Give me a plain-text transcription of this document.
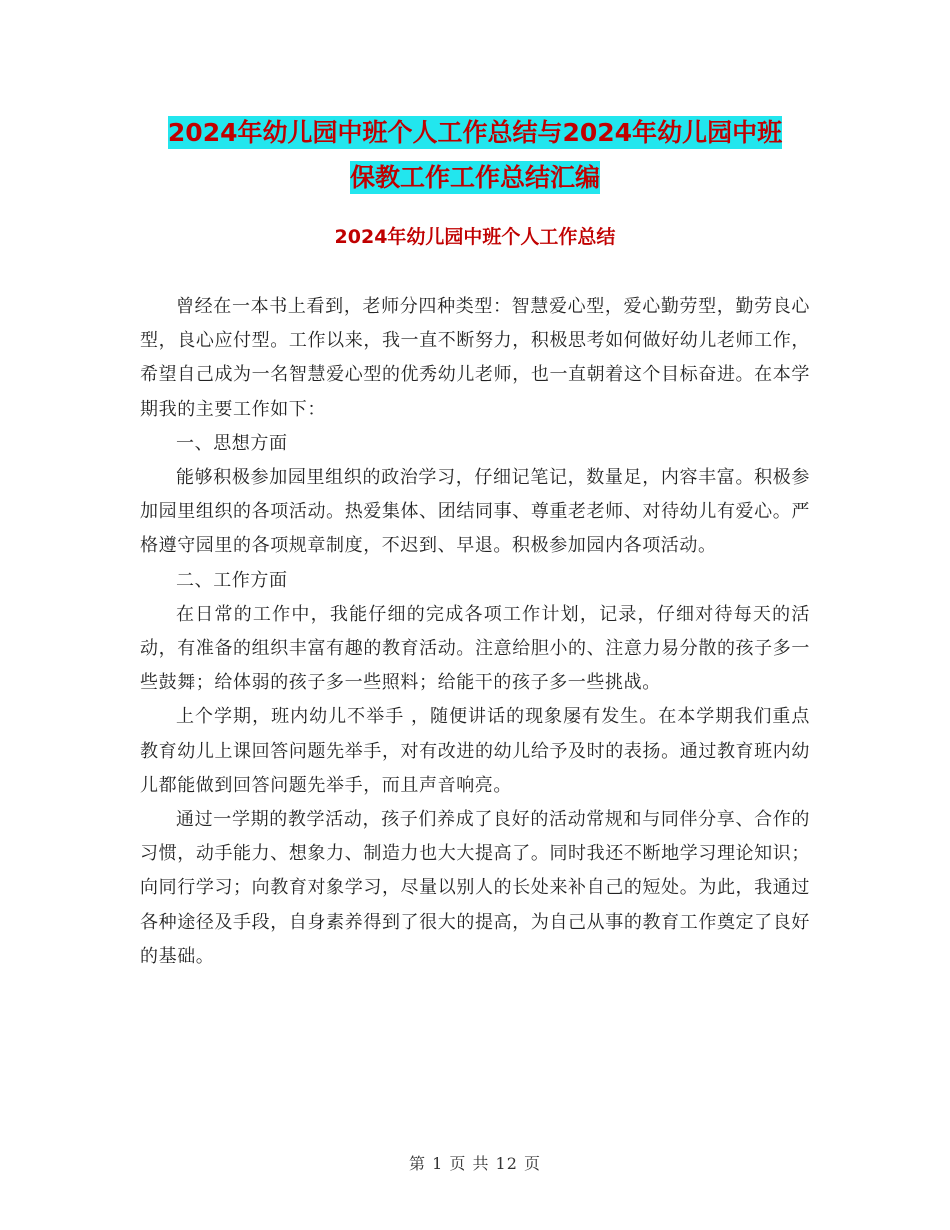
2024年幼儿园中班个人工作总结与2024年幼儿园中班
保教工作工作总结汇编
2024年幼儿园中班个人工作总结

曾经在一本书上看到，老师分四种类型：智慧爱心型，爱心勤劳型，勤劳良心型，良心应付型。工作以来，我一直不断努力，积极思考如何做好幼儿老师工作，希望自己成为一名智慧爱心型的优秀幼儿老师，也一直朝着这个目标奋进。在本学期我的主要工作如下：

一、思想方面

能够积极参加园里组织的政治学习，仔细记笔记，数量足，内容丰富。积极参加园里组织的各项活动。热爱集体、团结同事、尊重老老师、对待幼儿有爱心。严格遵守园里的各项规章制度，不迟到、早退。积极参加园内各项活动。

二、工作方面

在日常的工作中，我能仔细的完成各项工作计划，记录，仔细对待每天的活动，有准备的组织丰富有趣的教育活动。注意给胆小的、注意力易分散的孩子多一些鼓舞；给体弱的孩子多一些照料；给能干的孩子多一些挑战。

上个学期，班内幼儿不举手 ，随便讲话的现象屡有发生。在本学期我们重点教育幼儿上课回答问题先举手，对有改进的幼儿给予及时的表扬。通过教育班内幼儿都能做到回答问题先举手，而且声音响亮。

通过一学期的教学活动，孩子们养成了良好的活动常规和与同伴分享、合作的习惯，动手能力、想象力、制造力也大大提高了。同时我还不断地学习理论知识；向同行学习；向教育对象学习，尽量以别人的长处来补自己的短处。为此，我通过各种途径及手段，自身素养得到了很大的提高，为自己从事的教育工作奠定了良好的基础。

第 1 页 共 12 页
